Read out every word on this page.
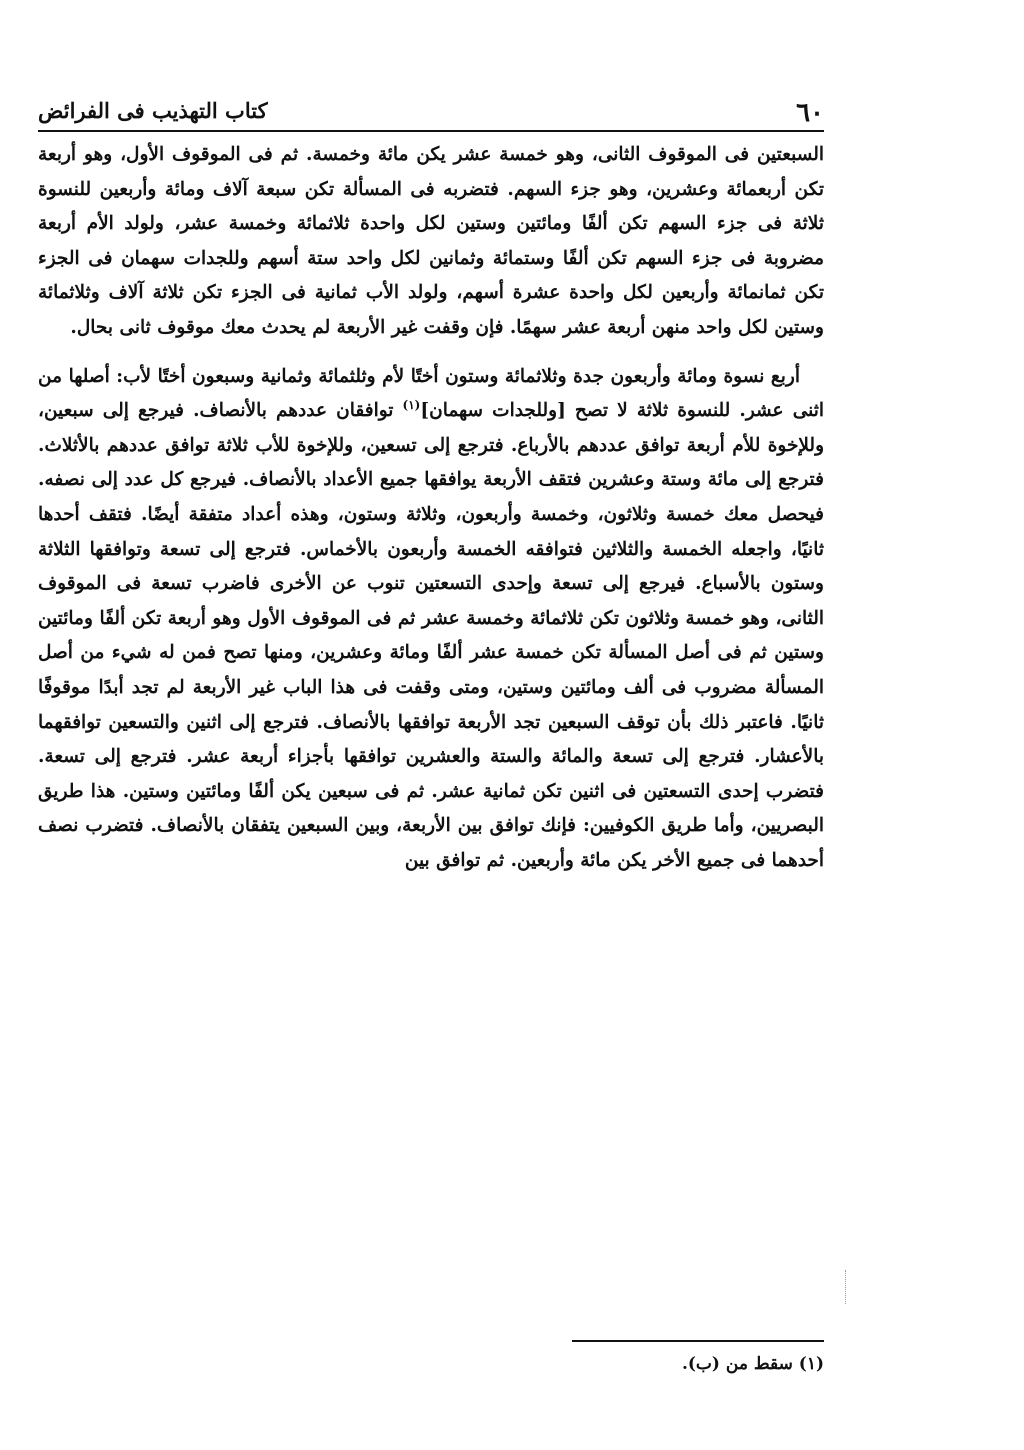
٦٠
كتاب التهذيب فى الفرائض

السبعتين فى الموقوف الثانى، وهو خمسة عشر يكن مائة وخمسة. ثم فى الموقوف الأول، وهو أربعة تكن أربعمائة وعشرين، وهو جزء السهم. فتضربه فى المسألة تكن سبعة آلاف ومائة وأربعين للنسوة ثلاثة فى جزء السهم تكن ألفًا ومائتين وستين لكل واحدة ثلاثمائة وخمسة عشر، ولولد الأم أربعة مضروبة فى جزء السهم تكن ألفًا وستمائة وثمانين لكل واحد ستة أسهم وللجدات سهمان فى الجزء تكن ثمانمائة وأربعين لكل واحدة عشرة أسهم، ولولد الأب ثمانية فى الجزء تكن ثلاثة آلاف وثلاثمائة وستين لكل واحد منهن أربعة عشر سهمًا. فإن وقفت غير الأربعة لم يحدث معك موقوف ثانى بحال.

أربع نسوة ومائة وأربعون جدة وثلاثمائة وستون أختًا لأم وثلثمائة وثمانية وسبعون أختًا لأب: أصلها من اثنى عشر. للنسوة ثلاثة لا تصح [وللجدات سهمان]$^{(١)}$ توافقان عددهم بالأنصاف. فيرجع إلى سبعين، وللإخوة للأم أربعة توافق عددهم بالأرباع. فترجع إلى تسعين، وللإخوة للأب ثلاثة توافق عددهم بالأثلاث. فترجع إلى مائة وستة وعشرين فتقف الأربعة يوافقها جميع الأعداد بالأنصاف. فيرجع كل عدد إلى نصفه. فيحصل معك خمسة وثلاثون، وخمسة وأربعون، وثلاثة وستون، وهذه أعداد متفقة أيضًا. فتقف أحدها ثانيًا، واجعله الخمسة والثلاثين فتوافقه الخمسة وأربعون بالأخماس. فترجع إلى تسعة وتوافقها الثلاثة وستون بالأسباع. فيرجع إلى تسعة وإحدى التسعتين تنوب عن الأخرى فاضرب تسعة فى الموقوف الثانى، وهو خمسة وثلاثون تكن ثلاثمائة وخمسة عشر ثم فى الموقوف الأول وهو أربعة تكن ألفًا ومائتين وستين ثم فى أصل المسألة تكن خمسة عشر ألفًا ومائة وعشرين، ومنها تصح فمن له شيء من أصل المسألة مضروب فى ألف ومائتين وستين، ومتى وقفت فى هذا الباب غير الأربعة لم تجد أبدًا موقوفًا ثانيًا. فاعتبر ذلك بأن توقف السبعين تجد الأربعة توافقها بالأنصاف. فترجع إلى اثنين والتسعين توافقهما بالأعشار. فترجع إلى تسعة والمائة والستة والعشرين توافقها بأجزاء أربعة عشر. فترجع إلى تسعة. فتضرب إحدى التسعتين فى اثنين تكن ثمانية عشر. ثم فى سبعين يكن ألفًا ومائتين وستين. هذا طريق البصريين، وأما طريق الكوفيين: فإنك توافق بين الأربعة، وبين السبعين يتفقان بالأنصاف. فتضرب نصف أحدهما فى جميع الأخر يكن مائة وأربعين. ثم توافق بين

(١) سقط من (ب).
